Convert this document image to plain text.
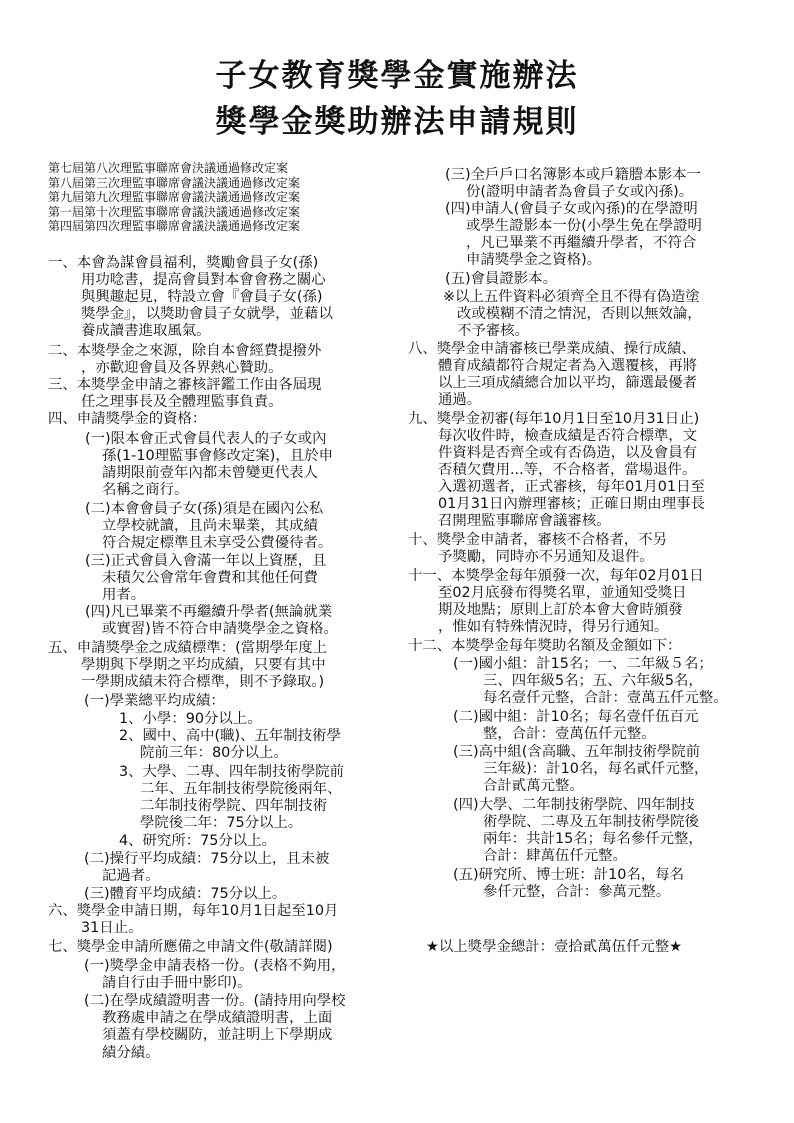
子女教育獎學金實施辦法
獎學金獎助辦法申請規則
第七屆第八次理監事聯席會決議通過修改定案
第八屆第三次理監事聯席會議決議通過修改定案
第九屆第九次理監事聯席會議決議通過修改定案
第一屆第十次理監事聯席會議決議通過修改定案
第四屆第四次理監事聯席會議決議通過修改定案
一、本會為謀會員福利，獎勵會員子女(孫)
用功唸書，提高會員對本會會務之關心
與興趣起見，特設立會『會員子女(孫)
獎學金』，以獎助會員子女就學，並藉以
養成讀書進取風氣。
二、本獎學金之來源，除自本會經費提撥外
，亦歡迎會員及各界熱心贊助。
三、本獎學金申請之審核評鑑工作由各屆現
任之理事長及全體理監事負責。
四、申請獎學金的資格：
(一)限本會正式會員代表人的子女或內
孫(1-10理監事會修改定案)，且於申
請期限前壹年內都未曾變更代表人
名稱之商行。
(二)本會會員子女(孫)須是在國內公私
立學校就讀，且尚未畢業，其成績
符合規定標準且未享受公費優待者。
(三)正式會員入會滿一年以上資歷，且
未積欠公會常年會費和其他任何費
用者。
(四)凡已畢業不再繼續升學者(無論就業
或實習)皆不符合申請獎學金之資格。
五、申請獎學金之成績標準：(當期學年度上
學期與下學期之平均成績，只要有其中
一學期成績未符合標準，則不予錄取。)
(一)學業總平均成績：
1、小學：90分以上。
2、國中、高中(職)、五年制技術學
院前三年：80分以上。
3、大學、二專、四年制技術學院前
二年、五年制技術學院後兩年、
二年制技術學院、四年制技術
學院後二年：75分以上。
4、研究所：75分以上。
(二)操行平均成績：75分以上，且未被
記過者。
(三)體育平均成績：75分以上。
六、獎學金申請日期，每年10月1日起至10月
31日止。
七、獎學金申請所應備之申請文件(敬請詳閱)
(一)獎學金申請表格一份。(表格不夠用，
請自行由手冊中影印)。
(二)在學成績證明書一份。(請持用向學校
教務處申請之在學成績證明書，上面
須蓋有學校關防，並註明上下學期成
績分績。
(三)全戶戶口名簿影本或戶籍謄本影本一
份(證明申請者為會員子女或內孫)。
(四)申請人(會員子女或內孫)的在學證明
或學生證影本一份(小學生免在學證明
，凡已畢業不再繼續升學者，不符合
申請獎學金之資格)。
(五)會員證影本。
※以上五件資料必須齊全且不得有偽造塗
改或模糊不清之情況，否則以無效論，
不予審核。
八、獎學金申請審核已學業成績、操行成績、
體育成績都符合規定者為入選覆核，再將
以上三項成績總合加以平均，篩選最優者
通過。
九、獎學金初審(每年10月1日至10月31日止)
每次收件時，檢查成績是否符合標準，文
件資料是否齊全或有否偽造，以及會員有
否積欠費用...等，不合格者，當場退件。
入選初選者，正式審核，每年01月01日至
01月31日內辦理審核；正確日期由理事長
召開理監事聯席會議審核。
十、獎學金申請者，審核不合格者，不另
予獎勵，同時亦不另通知及退件。
十一、本獎學金每年頒發一次，每年02月01日
至02月底發布得獎名單，並通知受獎日
期及地點；原則上訂於本會大會時頒發
，惟如有特殊情況時，得另行通知。
十二、本獎學金每年獎助名額及金額如下：
(一)國小組：計15名；一、二年級５名；
三、四年級5名；五、六年級5名，
每名壹仟元整，合計：壹萬五仟元整。
(二)國中組：計10名；每名壹仟伍百元
整，合計：壹萬伍仟元整。
(三)高中組(含高職、五年制技術學院前
三年級)：計10名，每名貳仟元整，
合計貳萬元整。
(四)大學、二年制技術學院、四年制技
術學院、二專及五年制技術學院後
兩年：共計15名；每名參仟元整，
合計：肆萬伍仟元整。
(五)研究所、博士班：計10名，每名
參仟元整，合計：參萬元整。
★以上獎學金總計：壹拾貳萬伍仟元整★
